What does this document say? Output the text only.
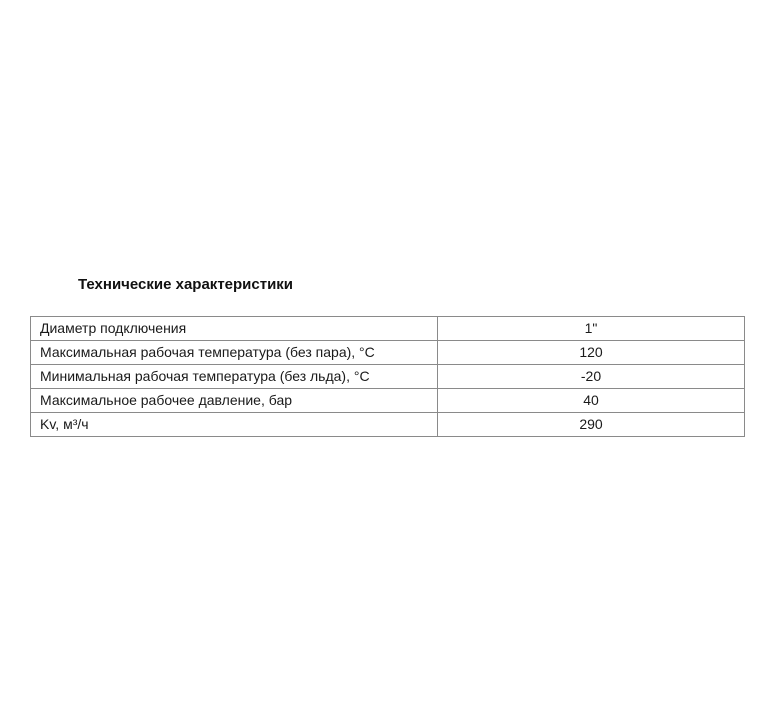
Технические характеристики
Диаметр подключения	1"
Максимальная рабочая температура (без пара), °С	120
Минимальная рабочая температура (без льда), °С	-20
Максимальное рабочее давление, бар	40
Kv, м³/ч	290
